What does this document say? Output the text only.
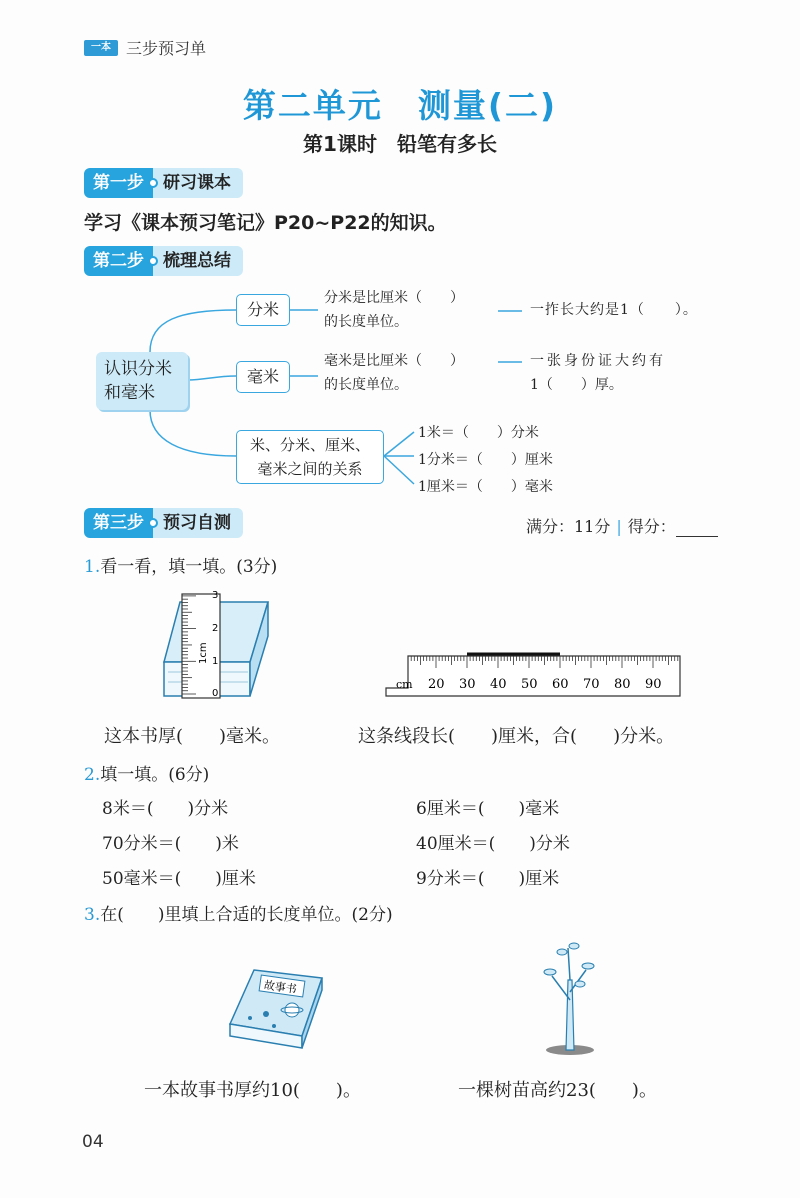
一本 三步预习单
第二单元　测量(二)
第1课时　铅笔有多长
第一步	研习课本
学习《课本预习笔记》P20~P22的知识。
第二步	梳理总结
认识分米
和毫米
分米
分米是比厘米（　　）
的长度单位。
一拃长大约是1（　　）。
毫米
毫米是比厘米（　　）
的长度单位。
一张身份证大约有
1（　　）厚。
米、分米、厘米、
毫米之间的关系
1米＝（　　）分米
1分米＝（　　）厘米
1厘米＝（　　）毫米
第三步	预习自测	满分：11分 | 得分：
1.看一看，填一填。(3分)
3
2
1
0
1cm
cm 20 30 40 50 60 70 80 90
这本书厚(　　)毫米。	这条线段长(　　)厘米，合(　　)分米。
2.填一填。(6分)
8米＝(　　)分米	6厘米＝(　　)毫米
70分米＝(　　)米	40厘米＝(　　)分米
50毫米＝(　　)厘米	9分米＝(　　)厘米
3.在(　　)里填上合适的长度单位。(2分)
故事书
一本故事书厚约10(　　)。	一棵树苗高约23(　　)。
04
